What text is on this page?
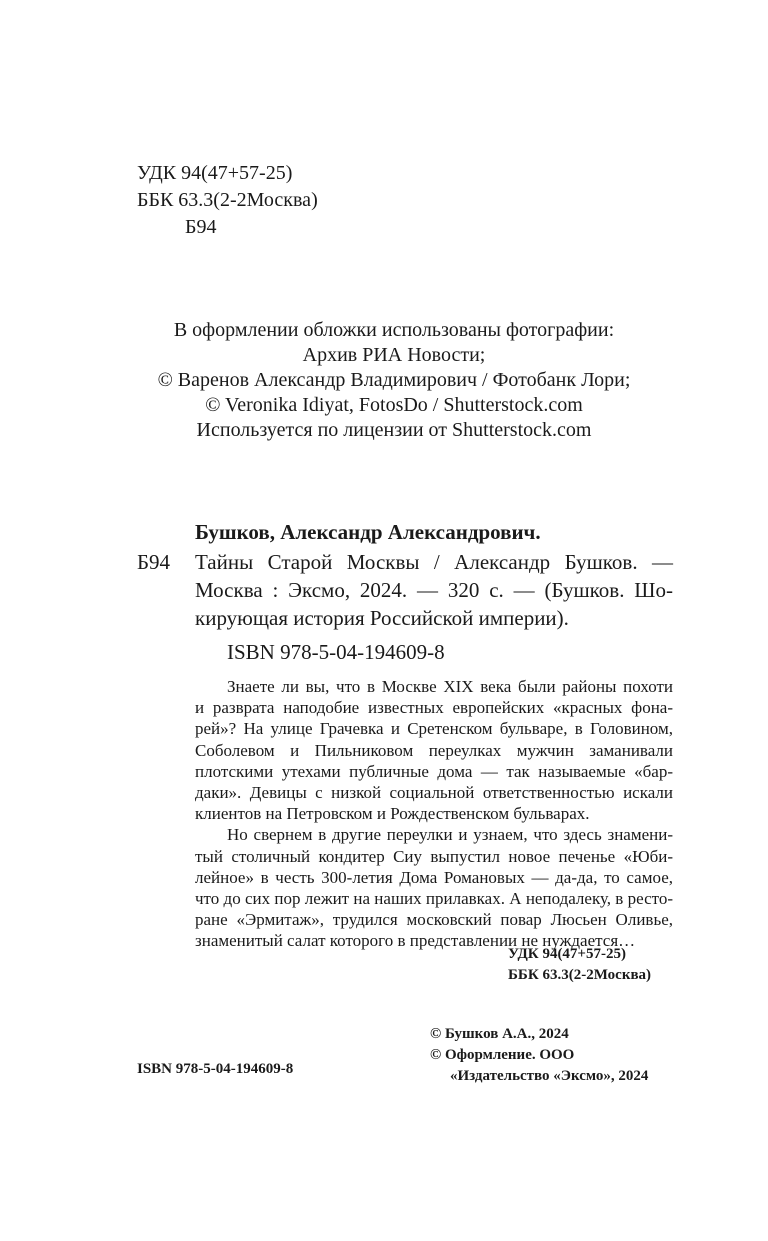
УДК 94(47+57-25)
ББК 63.3(2-2Москва)
Б94
В оформлении обложки использованы фотографии:
Архив РИА Новости;
© Варенов Александр Владимирович / Фотобанк Лори;
© Veronika Idiyat, FotosDo / Shutterstock.com
Используется по лицензии от Shutterstock.com
Бушков, Александр Александрович.
Б94 Тайны Старой Москвы / Александр Бушков. —
Москва : Эксмо, 2024. — 320 с. — (Бушков. Шо-
кирующая история Российской империи).
ISBN 978-5-04-194609-8
Знаете ли вы, что в Москве XIX века были районы похоти
и разврата наподобие известных европейских «красных фона-
рей»? На улице Грачевка и Сретенском бульваре, в Головином,
Соболевом и Пильниковом переулках мужчин заманивали
плотскими утехами публичные дома — так называемые «бар-
даки». Девицы с низкой социальной ответственностью искали
клиентов на Петровском и Рождественском бульварах.
Но свернем в другие переулки и узнаем, что здесь знамени-
тый столичный кондитер Сиу выпустил новое печенье «Юби-
лейное» в честь 300-летия Дома Романовых — да-да, то самое,
что до сих пор лежит на наших прилавках. А неподалеку, в ресто-
ране «Эрмитаж», трудился московский повар Люсьен Оливье,
знаменитый салат которого в представлении не нуждается…
УДК 94(47+57-25)
ББК 63.3(2-2Москва)
© Бушков А.А., 2024
© Оформление. ООО
«Издательство «Эксмо», 2024
ISBN 978-5-04-194609-8
